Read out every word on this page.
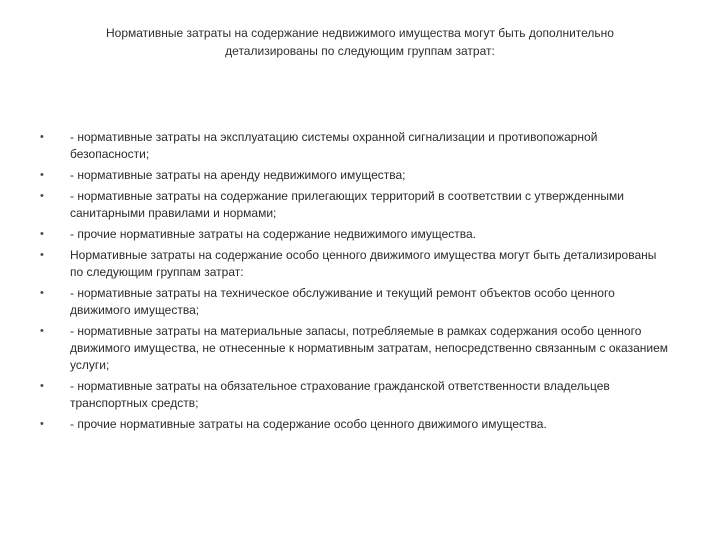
Нормативные затраты на содержание недвижимого имущества могут быть дополнительно
детализированы по следующим группам затрат:
•	- нормативные затраты на эксплуатацию системы охранной сигнализации и противопожарной безопасности;
•	- нормативные затраты на аренду недвижимого имущества;
•	- нормативные затраты на содержание прилегающих территорий в соответствии с утвержденными санитарными правилами и нормами;
•	- прочие нормативные затраты на содержание недвижимого имущества.
•	Нормативные затраты на содержание особо ценного движимого имущества могут быть детализированы по следующим группам затрат:
•	- нормативные затраты на техническое обслуживание и текущий ремонт объектов особо ценного движимого имущества;
•	- нормативные затраты на материальные запасы, потребляемые в рамках содержания особо ценного движимого имущества, не отнесенные к нормативным затратам, непосредственно связанным с оказанием услуги;
•	- нормативные затраты на обязательное страхование гражданской ответственности владельцев транспортных средств;
•	- прочие нормативные затраты на содержание особо ценного движимого имущества.
